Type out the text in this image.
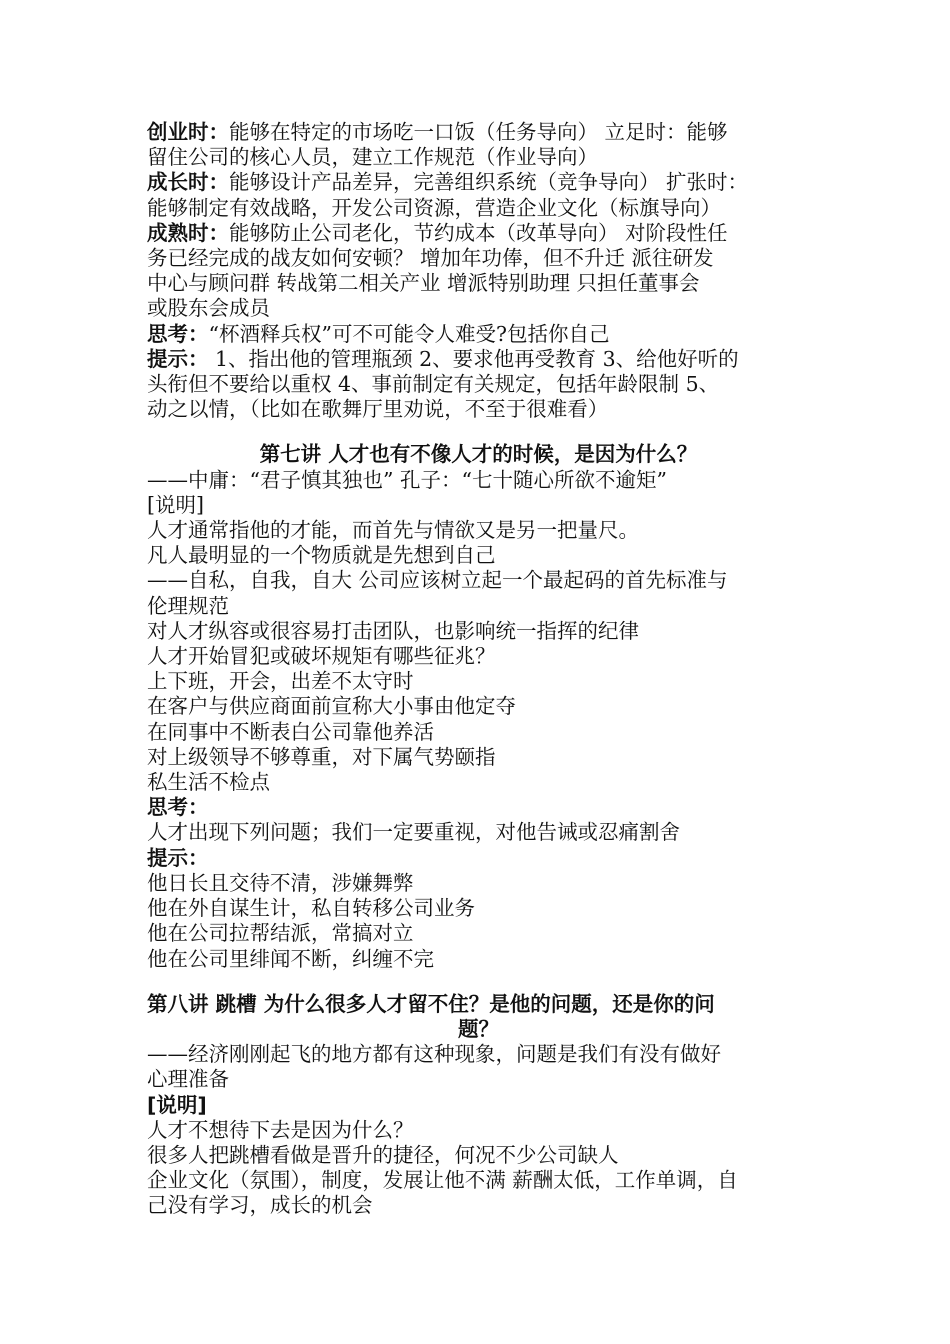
创业时：能够在特定的市场吃一口饭（任务导向） 立足时：能够
留住公司的核心人员，建立工作规范（作业导向）
成长时：能够设计产品差异，完善组织系统（竞争导向） 扩张时：
能够制定有效战略，开发公司资源，营造企业文化（标旗导向）
成熟时：能够防止公司老化，节约成本（改革导向） 对阶段性任
务已经完成的战友如何安顿？ 增加年功俸，但不升迁 派往研发
中心与顾问群 转战第二相关产业 增派特别助理 只担任董事会
或股东会成员
思考：“杯酒释兵权”可不可能令人难受?包括你自己
提示： 1、指出他的管理瓶颈 2、要求他再受教育 3、给他好听的
头衔但不要给以重权 4、事前制定有关规定，包括年龄限制 5、
动之以情，（比如在歌舞厅里劝说，不至于很难看）
第七讲 人才也有不像人才的时候，是因为什么？
——中庸：“君子慎其独也” 孔子：“七十随心所欲不逾矩”
[说明]
人才通常指他的才能，而首先与情欲又是另一把量尺。
凡人最明显的一个物质就是先想到自己
——自私，自我，自大 公司应该树立起一个最起码的首先标准与
伦理规范
对人才纵容或很容易打击团队，也影响统一指挥的纪律
人才开始冒犯或破坏规矩有哪些征兆？
上下班，开会，出差不太守时
在客户与供应商面前宣称大小事由他定夺
在同事中不断表白公司靠他养活
对上级领导不够尊重，对下属气势颐指
私生活不检点
思考：
人才出现下列问题；我们一定要重视，对他告诫或忍痛割舍
提示：
他日长且交待不清，涉嫌舞弊
他在外自谋生计，私自转移公司业务
他在公司拉帮结派，常搞对立
他在公司里绯闻不断，纠缠不完
第八讲 跳槽 为什么很多人才留不住？是他的问题，还是你的问
题？
——经济刚刚起飞的地方都有这种现象，问题是我们有没有做好
心理准备
[说明]
人才不想待下去是因为什么？
很多人把跳槽看做是晋升的捷径，何况不少公司缺人
企业文化（氛围），制度，发展让他不满 薪酬太低，工作单调，自
己没有学习，成长的机会
